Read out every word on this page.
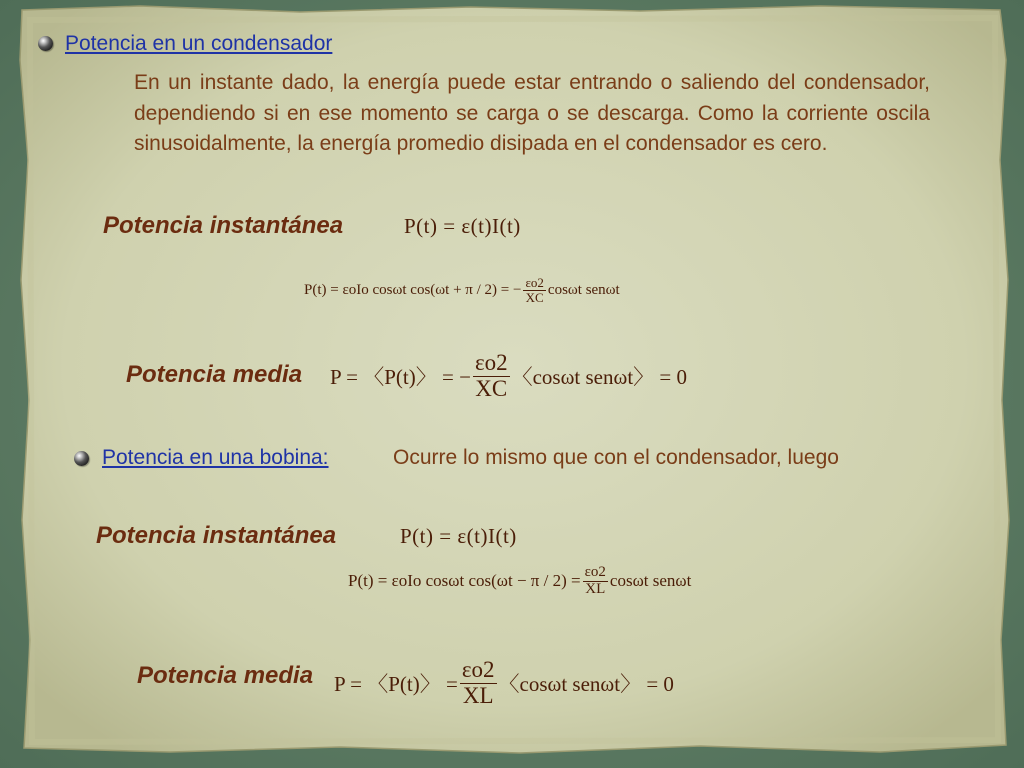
Potencia en un condensador
En un instante dado, la energía puede estar entrando o saliendo del condensador, dependiendo si en ese momento se carga o se descarga. Como la corriente oscila sinusoidalmente, la energía promedio disipada en el condensador es cero.
Potencia instantánea	P(t) = ε(t)I(t)
P(t) = εoIo cosωt cos(ωt + π / 2) = − $\frac{\varepsilon o2}{XC}$ cosωt senωt
Potencia media P = 〈P(t)〉 = − $\frac{\varepsilon o2}{XC}$ 〈cosωt senωt〉 = 0
Potencia en una bobina:	Ocurre lo mismo que con el condensador, luego
Potencia instantánea	P(t) = ε(t)I(t)
P(t) = εoIo cosωt $\cos(\omega t - \pi / 2) = \frac{\varepsilon o2}{XL}$ cosωt senωt
Potencia media P = 〈P(t)〉 = $\frac{\varepsilon o2}{XL}$ 〈cosωt senωt〉 = 0
